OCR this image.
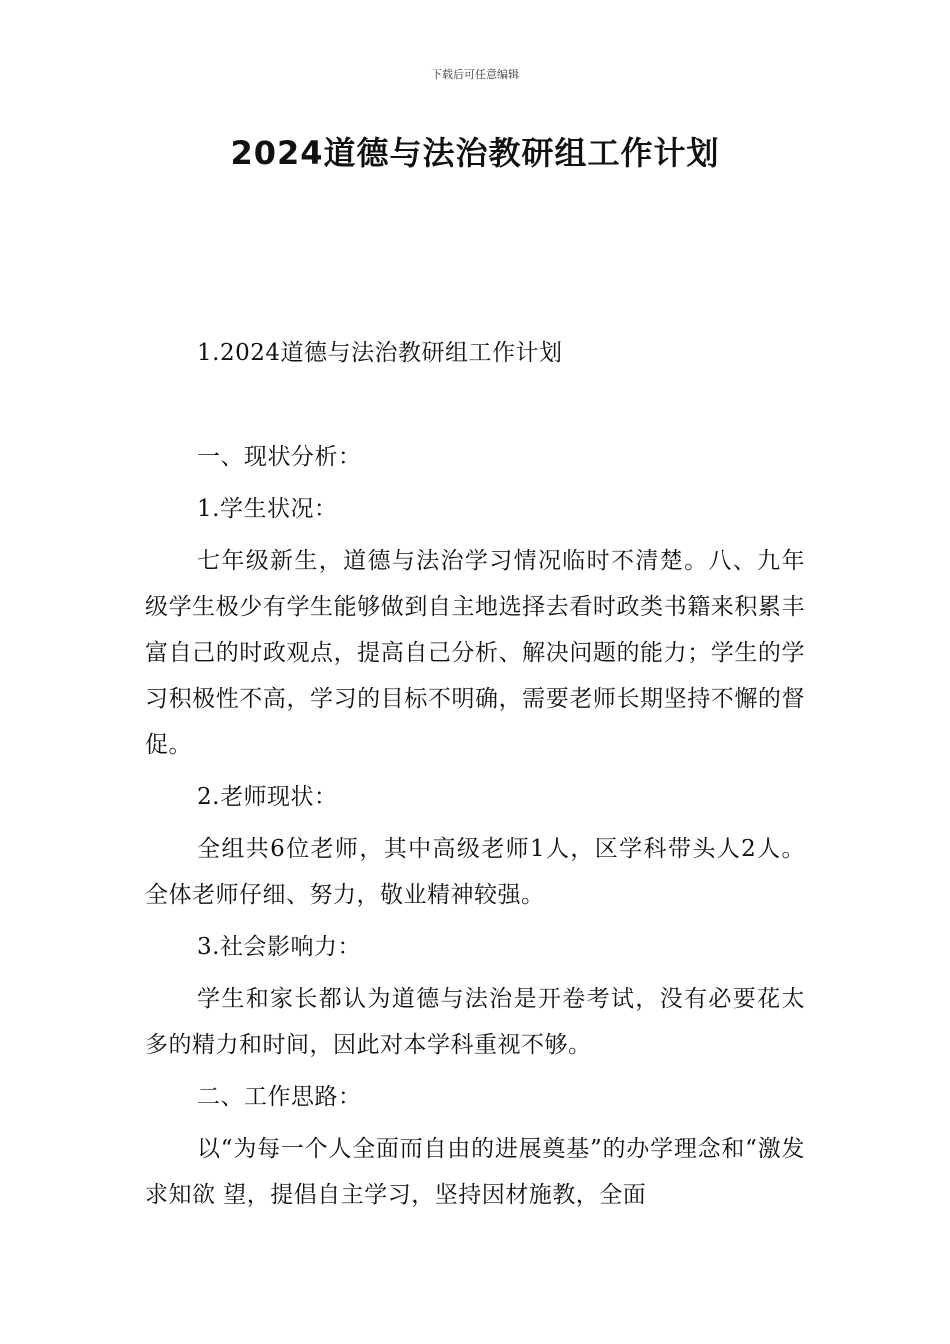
下载后可任意编辑
2024道德与法治教研组工作计划

1.2024道德与法治教研组工作计划

一、现状分析：

1.学生状况：

七年级新生，道德与法治学习情况临时不清楚。八、九年级学生极少有学生能够做到自主地选择去看时政类书籍来积累丰富自己的时政观点，提高自己分析、解决问题的能力；学生的学习积极性不高，学习的目标不明确，需要老师长期坚持不懈的督促。

2.老师现状：

全组共6位老师，其中高级老师1人，区学科带头人2人。全体老师仔细、努力，敬业精神较强。

3.社会影响力：

学生和家长都认为道德与法治是开卷考试，没有必要花太多的精力和时间，因此对本学科重视不够。

二、工作思路：

以“为每一个人全面而自由的进展奠基”的办学理念和“激发求知欲 望，提倡自主学习，坚持因材施教，全面
